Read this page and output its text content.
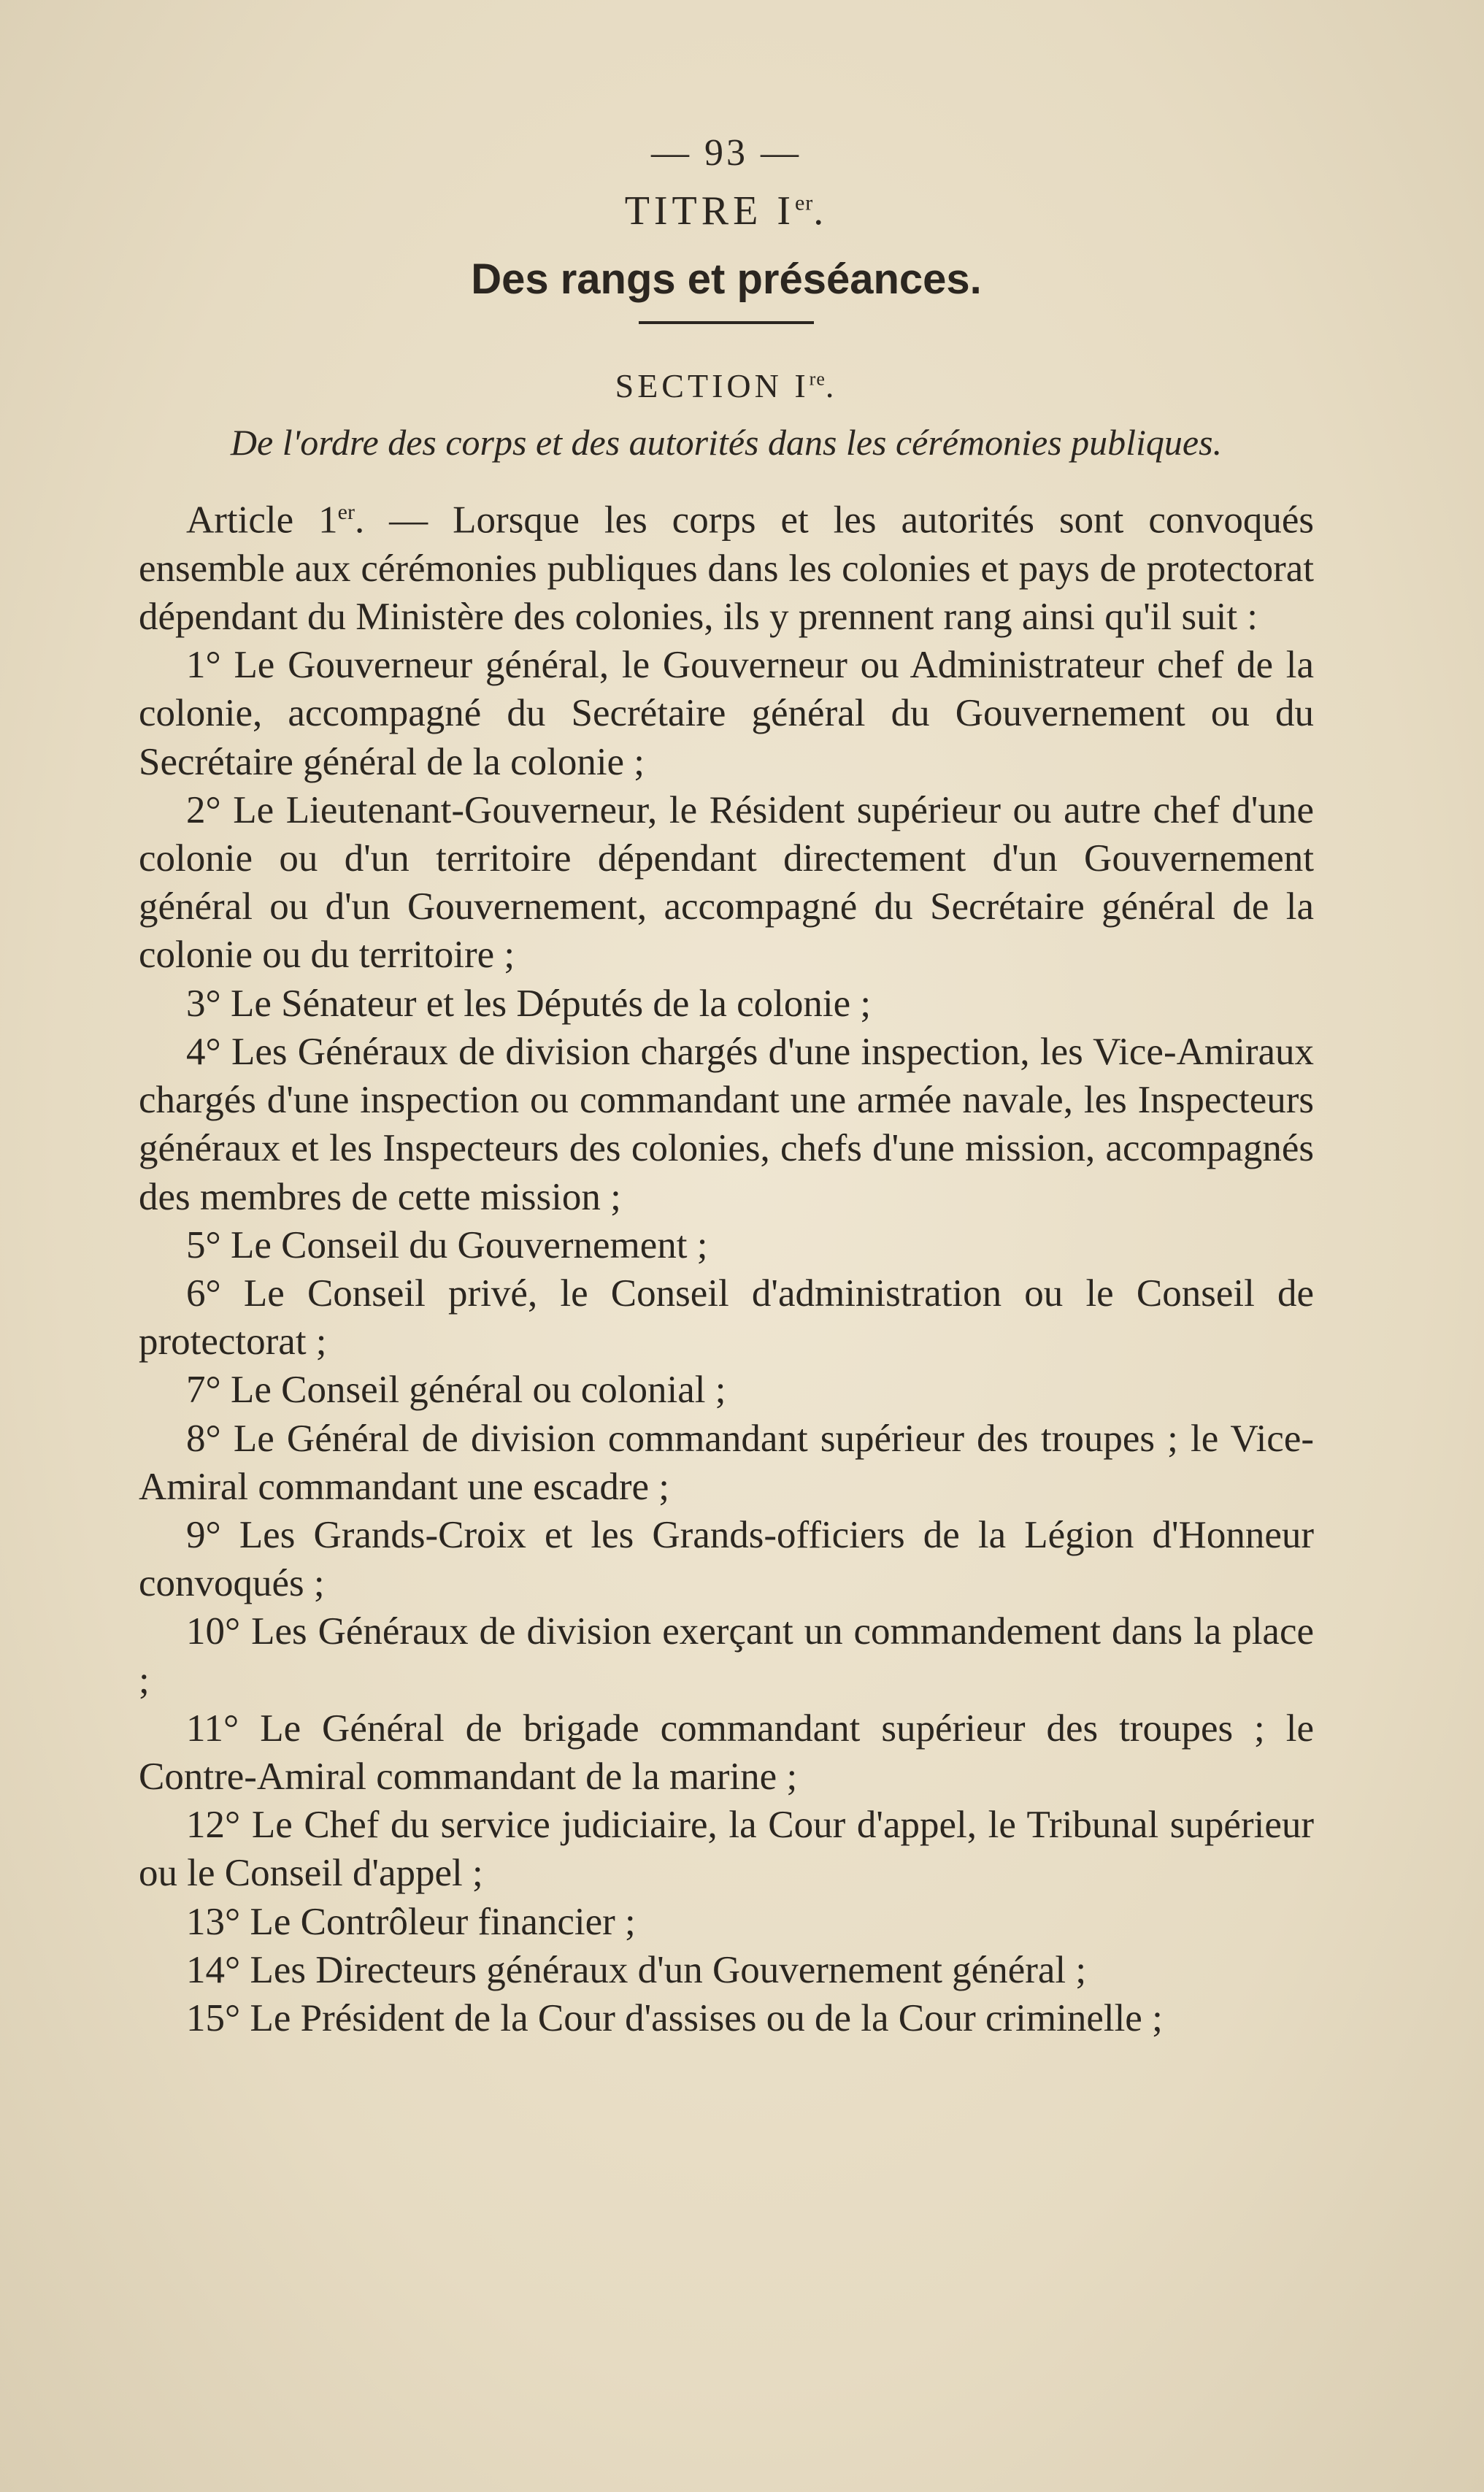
— 93 —
TITRE Ier.
Des rangs et préséances.
SECTION Ire.
De l'ordre des corps et des autorités dans les cérémonies publiques.

Article 1er. — Lorsque les corps et les autorités sont convoqués ensemble aux cérémonies publiques dans les colonies et pays de protectorat dépendant du Ministère des colonies, ils y prennent rang ainsi qu'il suit :

1° Le Gouverneur général, le Gouverneur ou Administrateur chef de la colonie, accompagné du Secrétaire général du Gouvernement ou du Secrétaire général de la colonie ;

2° Le Lieutenant-Gouverneur, le Résident supérieur ou autre chef d'une colonie ou d'un territoire dépendant directement d'un Gouvernement général ou d'un Gouvernement, accompagné du Secrétaire général de la colonie ou du territoire ;

3° Le Sénateur et les Députés de la colonie ;

4° Les Généraux de division chargés d'une inspection, les Vice-Amiraux chargés d'une inspection ou commandant une armée navale, les Inspecteurs généraux et les Inspecteurs des colonies, chefs d'une mission, accompagnés des membres de cette mission ;

5° Le Conseil du Gouvernement ;

6° Le Conseil privé, le Conseil d'administration ou le Conseil de protectorat ;

7° Le Conseil général ou colonial ;

8° Le Général de division commandant supérieur des troupes ; le Vice-Amiral commandant une escadre ;

9° Les Grands-Croix et les Grands-officiers de la Légion d'Honneur convoqués ;

10° Les Généraux de division exerçant un commandement dans la place ;

11° Le Général de brigade commandant supérieur des troupes ; le Contre-Amiral commandant de la marine ;

12° Le Chef du service judiciaire, la Cour d'appel, le Tribunal supérieur ou le Conseil d'appel ;

13° Le Contrôleur financier ;

14° Les Directeurs généraux d'un Gouvernement général ;

15° Le Président de la Cour d'assises ou de la Cour criminelle ;
